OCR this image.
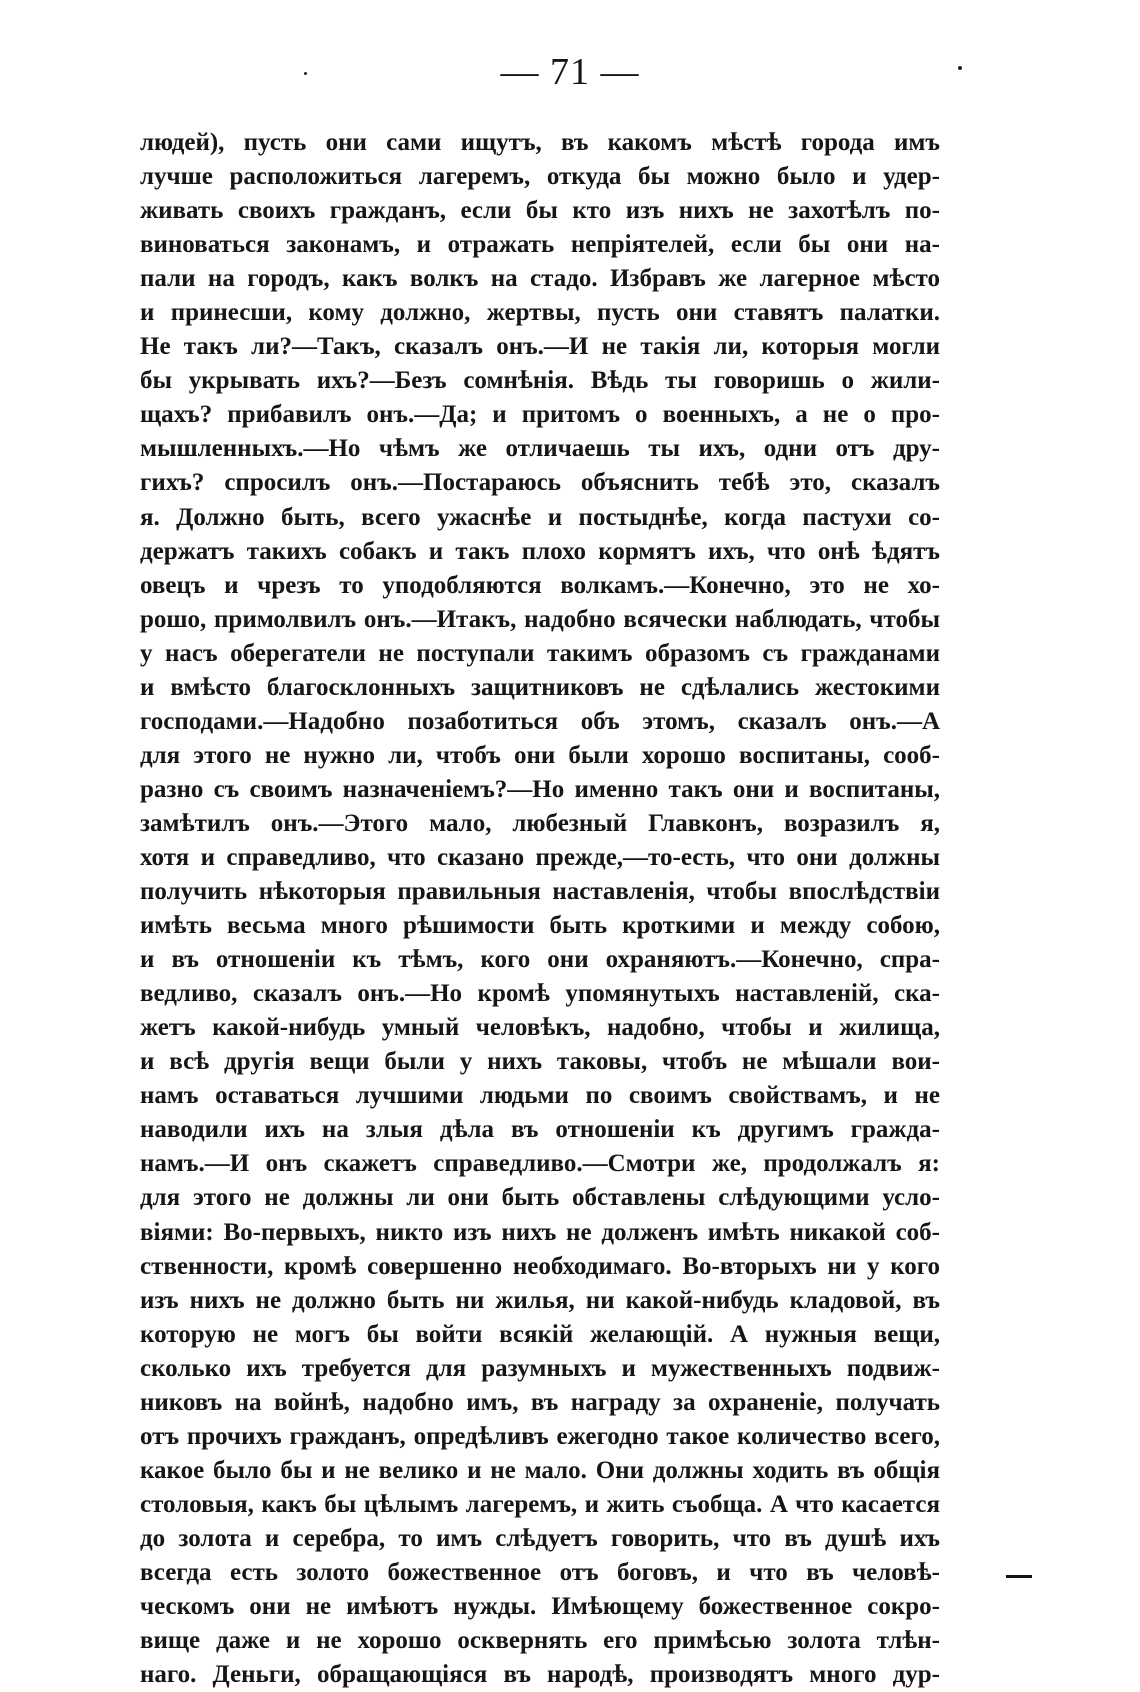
— 71 —
людей), пусть они сами ищутъ, въ какомъ мѣстѣ города имъ
лучше расположиться лагеремъ, откуда бы можно было и удер-
живать своихъ гражданъ, если бы кто изъ нихъ не захотѣлъ по-
виноваться законамъ, и отражать непріятелей, если бы они на-
пали на городъ, какъ волкъ на стадо. Избравъ же лагерное мѣсто
и принесши, кому должно, жертвы, пусть они ставятъ палатки.
Не такъ ли?—Такъ, сказалъ онъ.—И не такія ли, которыя могли
бы укрывать ихъ?—Безъ сомнѣнія. Вѣдь ты говоришь о жили-
щахъ? прибавилъ онъ.—Да; и притомъ о военныхъ, а не о про-
мышленныхъ.—Но чѣмъ же отличаешь ты ихъ, одни отъ дру-
гихъ? спросилъ онъ.—Постараюсь объяснить тебѣ это, сказалъ
я. Должно быть, всего ужаснѣе и постыднѣе, когда пастухи со-
держатъ такихъ собакъ и такъ плохо кормятъ ихъ, что онѣ ѣдятъ
овецъ и чрезъ то уподобляются волкамъ.—Конечно, это не хо-
рошо, примолвилъ онъ.—Итакъ, надобно всячески наблюдать, чтобы
у насъ оберегатели не поступали такимъ образомъ съ гражданами
и вмѣсто благосклонныхъ защитниковъ не сдѣлались жестокими
господами.—Надобно позаботиться объ этомъ, сказалъ онъ.—А
для этого не нужно ли, чтобъ они были хорошо воспитаны, сооб-
разно съ своимъ назначеніемъ?—Но именно такъ они и воспитаны,
замѣтилъ онъ.—Этого мало, любезный Главконъ, возразилъ я,
хотя и справедливо, что сказано прежде,—то-есть, что они должны
получить нѣкоторыя правильныя наставленія, чтобы впослѣдствіи
имѣть весьма много рѣшимости быть кроткими и между собою,
и въ отношеніи къ тѣмъ, кого они охраняютъ.—Конечно, спра-
ведливо, сказалъ онъ.—Но кромѣ упомянутыхъ наставленій, ска-
жетъ какой-нибудь умный человѣкъ, надобно, чтобы и жилища,
и всѣ другія вещи были у нихъ таковы, чтобъ не мѣшали вои-
намъ оставаться лучшими людьми по своимъ свойствамъ, и не
наводили ихъ на злыя дѣла въ отношеніи къ другимъ гражда-
намъ.—И онъ скажетъ справедливо.—Смотри же, продолжалъ я:
для этого не должны ли они быть обставлены слѣдующими усло-
віями: Во-первыхъ, никто изъ нихъ не долженъ имѣть никакой соб-
ственности, кромѣ совершенно необходимаго. Во-вторыхъ ни у кого
изъ нихъ не должно быть ни жилья, ни какой-нибудь кладовой, въ
которую не могъ бы войти всякій желающій. А нужныя вещи,
сколько ихъ требуется для разумныхъ и мужественныхъ подвиж-
никовъ на войнѣ, надобно имъ, въ награду за охраненіе, получать
отъ прочихъ гражданъ, опредѣливъ ежегодно такое количество всего,
какое было бы и не велико и не мало. Они должны ходить въ общія
столовыя, какъ бы цѣлымъ лагеремъ, и жить съобща. А что касается
до золота и серебра, то имъ слѣдуетъ говорить, что въ душѣ ихъ
всегда есть золото божественное отъ боговъ, и что въ человѣ-
ческомъ они не имѣютъ нужды. Имѣющему божественное сокро-
вище даже и не хорошо осквернять его примѣсью золота тлѣн-
наго. Деньги, обращающіяся въ народѣ, производятъ много дур-
